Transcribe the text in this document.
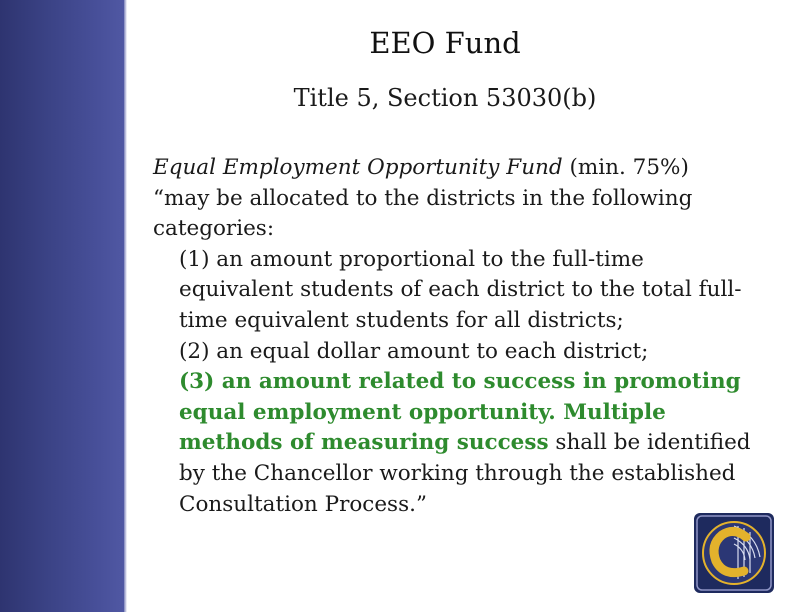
EEO Fund
Title 5, Section 53030(b)
Equal Employment Opportunity Fund (min. 75%)
“may be allocated to the districts in the following categories:
(1) an amount proportional to the full-time equivalent students of each district to the total full-time equivalent students for all districts;
(2) an equal dollar amount to each district;
(3) an amount related to success in promoting equal employment opportunity. Multiple methods of measuring success shall be identified by the Chancellor working through the established Consultation Process.”
